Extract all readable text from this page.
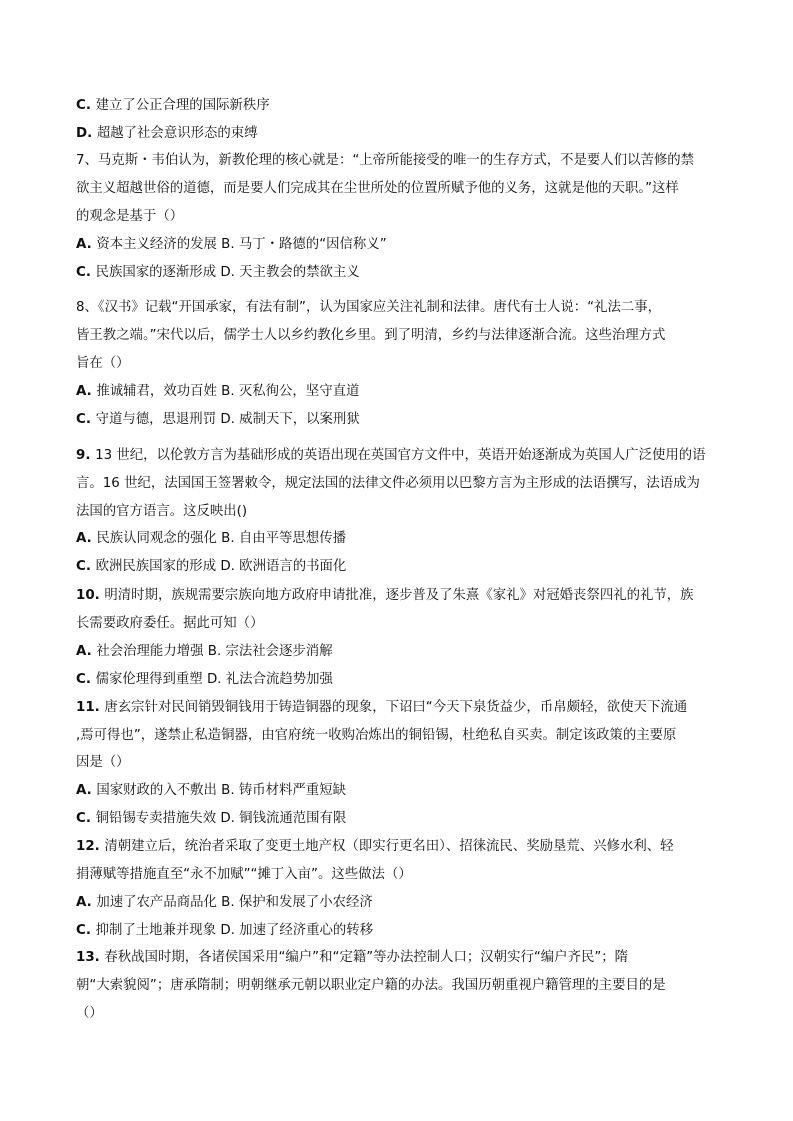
C. 建立了公正合理的国际新秩序
D. 超越了社会意识形态的束缚
7、马克斯・韦伯认为，新教伦理的核心就是：“上帝所能接受的唯一的生存方式，不是要人们以苦修的禁
欲主义超越世俗的道德，而是要人们完成其在尘世所处的位置所赋予他的义务，这就是他的天职。”这样
的观念是基于（）
A. 资本主义经济的发展 B. 马丁・路德的“因信称义”
C. 民族国家的逐渐形成 D. 天主教会的禁欲主义
8、《汉书》记载“开国承家，有法有制”，认为国家应关注礼制和法律。唐代有士人说：“礼法二事，
皆王教之端。”宋代以后，儒学士人以乡约教化乡里。到了明清，乡约与法律逐渐合流。这些治理方式
旨在（）
A. 推诚辅君，效功百姓 B. 灭私徇公，坚守直道
C. 守道与德，思退刑罚 D. 威制天下，以案刑狱
9. 13 世纪，以伦敦方言为基础形成的英语出现在英国官方文件中，英语开始逐渐成为英国人广泛使用的语
言。16 世纪，法国国王签署敕令，规定法国的法律文件必须用以巴黎方言为主形成的法语撰写，法语成为
法国的官方语言。这反映出()
A. 民族认同观念的强化 B. 自由平等思想传播
C. 欧洲民族国家的形成 D. 欧洲语言的书面化
10. 明清时期，族规需要宗族向地方政府申请批准，逐步普及了朱熹《家礼》对冠婚丧祭四礼的礼节，族
长需要政府委任。据此可知（）
A. 社会治理能力增强 B. 宗法社会逐步消解
C. 儒家伦理得到重塑 D. 礼法合流趋势加强
11. 唐玄宗针对民间销毁铜钱用于铸造铜器的现象，下诏曰“今天下泉货益少，币帛颇轻，欲使天下流通
,焉可得也”，遂禁止私造铜器，由官府统一收购冶炼出的铜铅锡，杜绝私自买卖。制定该政策的主要原
因是（）
A. 国家财政的入不敷出 B. 铸币材料严重短缺
C. 铜铅锡专卖措施失效 D. 铜钱流通范围有限
12. 清朝建立后，统治者采取了变更土地产权（即实行更名田）、招徕流民、奖励垦荒、兴修水利、轻
捐薄赋等措施直至“永不加赋”“摊丁入亩”。这些做法（）
A. 加速了农产品商品化 B. 保护和发展了小农经济
C. 抑制了土地兼并现象 D. 加速了经济重心的转移
13. 春秋战国时期，各诸侯国采用“编户”和“定籍”等办法控制人口；汉朝实行“编户齐民”；隋
朝“大索貌阅”；唐承隋制；明朝继承元朝以职业定户籍的办法。我国历朝重视户籍管理的主要目的是
（）
